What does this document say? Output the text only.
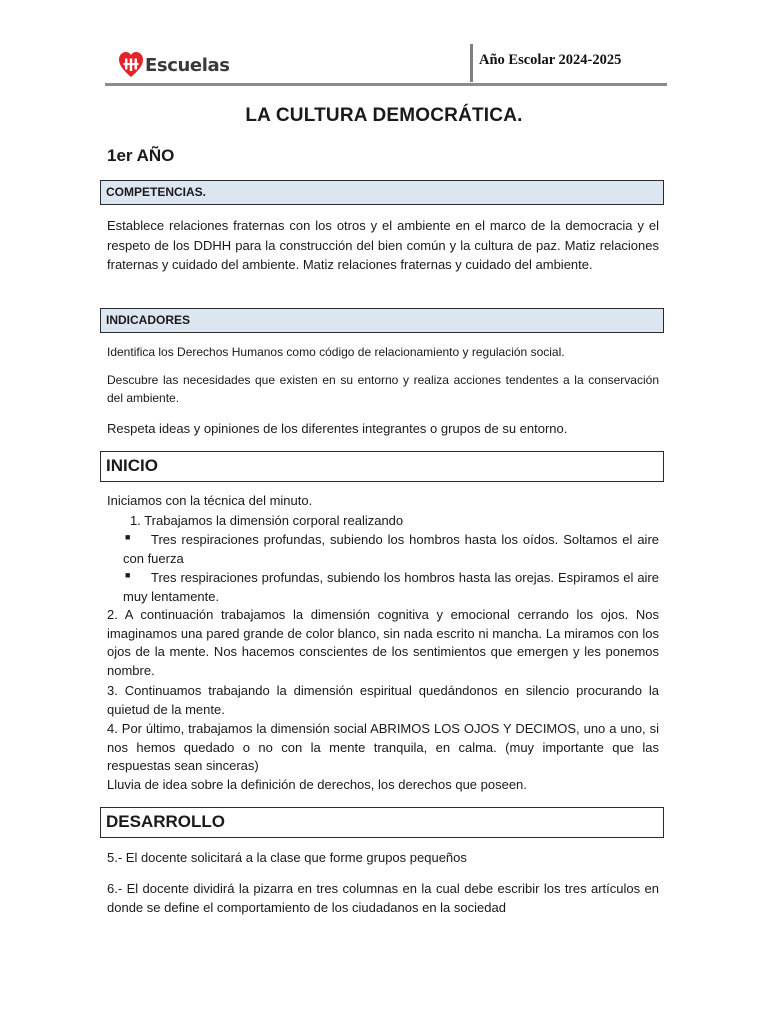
Escuelas	Año Escolar 2024-2025
LA CULTURA DEMOCRÁTICA.
1er AÑO
COMPETENCIAS.
Establece relaciones fraternas con los otros y el ambiente en el marco de la democracia y el respeto de los DDHH para la construcción del bien común y la cultura de paz. Matiz relaciones fraternas y cuidado del ambiente. Matiz relaciones fraternas y cuidado del ambiente.
INDICADORES
Identifica los Derechos Humanos como código de relacionamiento y regulación social.
Descubre las necesidades que existen en su entorno y realiza acciones tendentes a la conservación del ambiente.
Respeta ideas y opiniones de los diferentes integrantes o grupos de su entorno.
INICIO
Iniciamos con la técnica del minuto.
1. Trabajamos la dimensión corporal realizando
■	Tres respiraciones profundas, subiendo los hombros hasta los oídos. Soltamos el aire con fuerza
■	Tres respiraciones profundas, subiendo los hombros hasta las orejas. Espiramos el aire muy lentamente.
2. A continuación trabajamos la dimensión cognitiva y emocional cerrando los ojos. Nos imaginamos una pared grande de color blanco, sin nada escrito ni mancha. La miramos con los ojos de la mente. Nos hacemos conscientes de los sentimientos que emergen y les ponemos nombre.
3. Continuamos trabajando la dimensión espiritual quedándonos en silencio procurando la quietud de la mente.
4. Por último, trabajamos la dimensión social ABRIMOS LOS OJOS Y DECIMOS, uno a uno, si nos hemos quedado o no con la mente tranquila, en calma. (muy importante que las respuestas sean sinceras)
Lluvia de idea sobre la definición de derechos, los derechos que poseen.
DESARROLLO
5.- El docente solicitará a la clase que forme grupos pequeños
6.- El docente dividirá la pizarra en tres columnas en la cual debe escribir los tres artículos en donde se define el comportamiento de los ciudadanos en la sociedad
